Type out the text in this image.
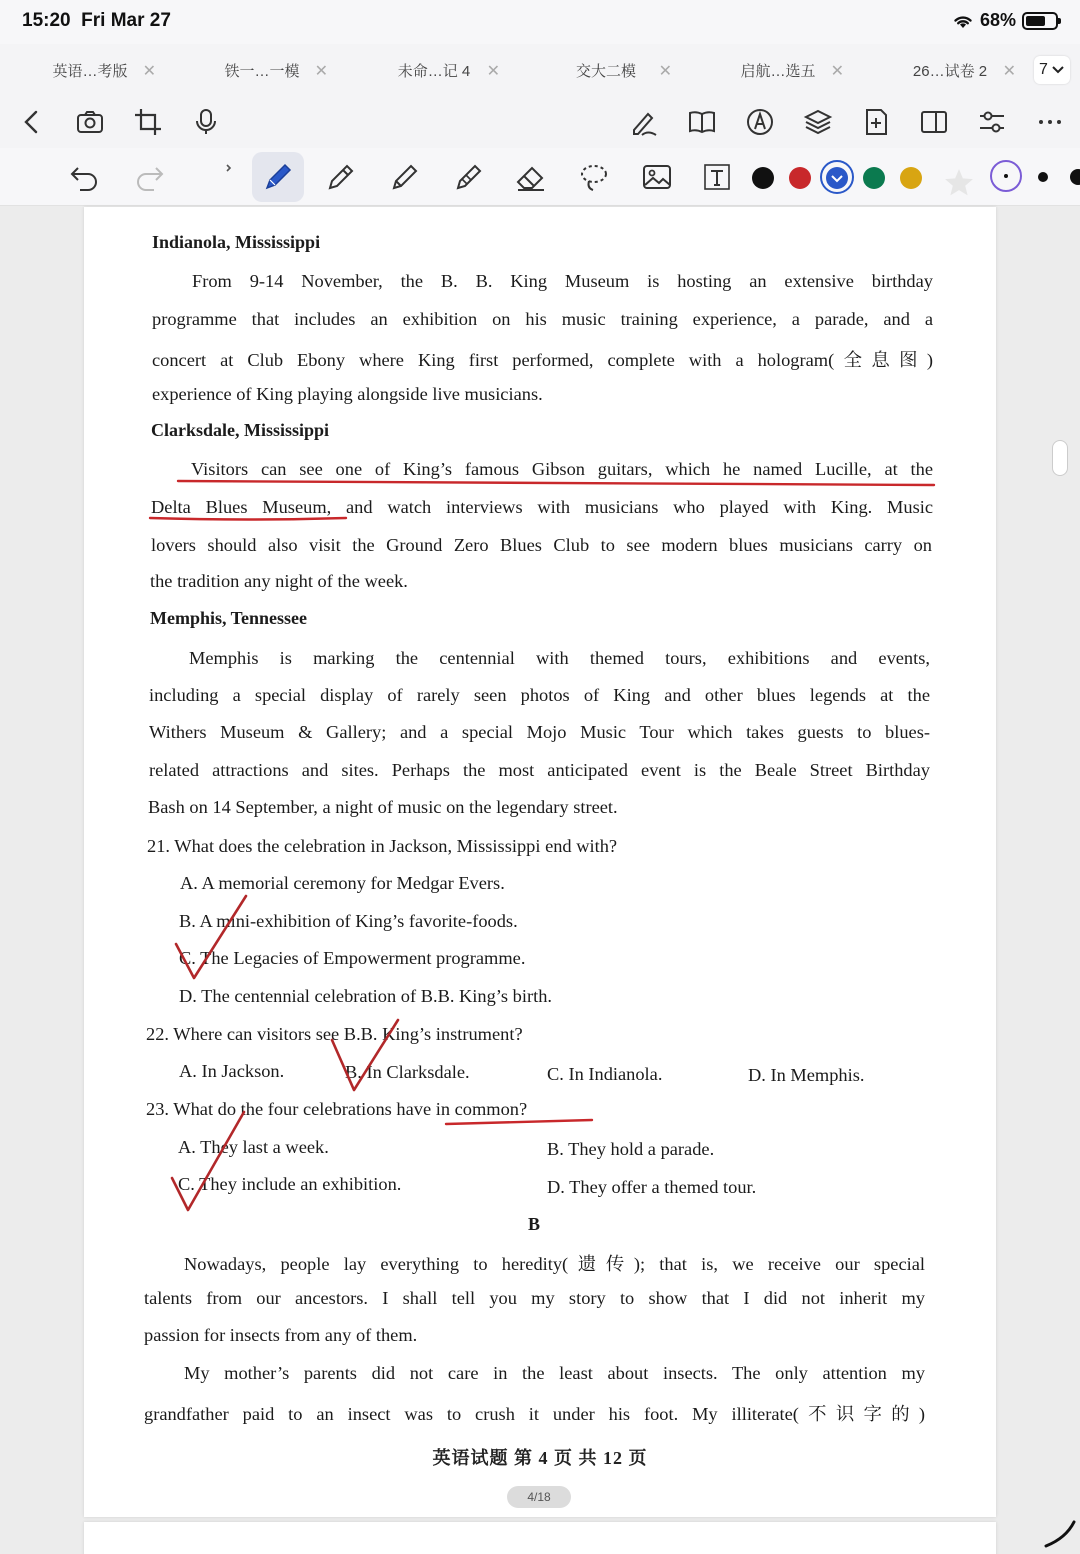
15:20 Fri Mar 27	68%
英语…考版 ✕	铁一…一模 ✕	未命…记 4 ✕	交大二模 ✕	启航…选五 ✕	26…试卷 2 ✕ 7
Indianola, Mississippi
From 9-14 November, the B. B. King Museum is hosting an extensive birthday
programme that includes an exhibition on his music training experience, a parade, and a
concert at Club Ebony where King first performed, complete with a hologram(全息图)
experience of King playing alongside live musicians.
Clarksdale, Mississippi
Visitors can see one of King’s famous Gibson guitars, which he named Lucille, at the
Delta Blues Museum, and watch interviews with musicians who played with King. Music
lovers should also visit the Ground Zero Blues Club to see modern blues musicians carry on
the tradition any night of the week.
Memphis, Tennessee
Memphis is marking the centennial with themed tours, exhibitions and events,
including a special display of rarely seen photos of King and other blues legends at the
Withers Museum & Gallery; and a special Mojo Music Tour which takes guests to blues-
related attractions and sites. Perhaps the most anticipated event is the Beale Street Birthday
Bash on 14 September, a night of music on the legendary street.
21. What does the celebration in Jackson, Mississippi end with?
A. A memorial ceremony for Medgar Evers.
B. A mini-exhibition of King’s favorite-foods.
C. The Legacies of Empowerment programme.
D. The centennial celebration of B.B. King’s birth.
22. Where can visitors see B.B. King’s instrument?
A. In Jackson.	B. In Clarksdale.	C. In Indianola.	D. In Memphis.
23. What do the four celebrations have in common?
A. They last a week.	B. They hold a parade.
C. They include an exhibition.	D. They offer a themed tour.
B
Nowadays, people lay everything to heredity(遗传); that is, we receive our special
talents from our ancestors. I shall tell you my story to show that I did not inherit my
passion for insects from any of them.
My mother’s parents did not care in the least about insects. The only attention my
grandfather paid to an insect was to crush it under his foot. My illiterate(不识字的)
英语试题 第 4 页 共 12 页
4/18
